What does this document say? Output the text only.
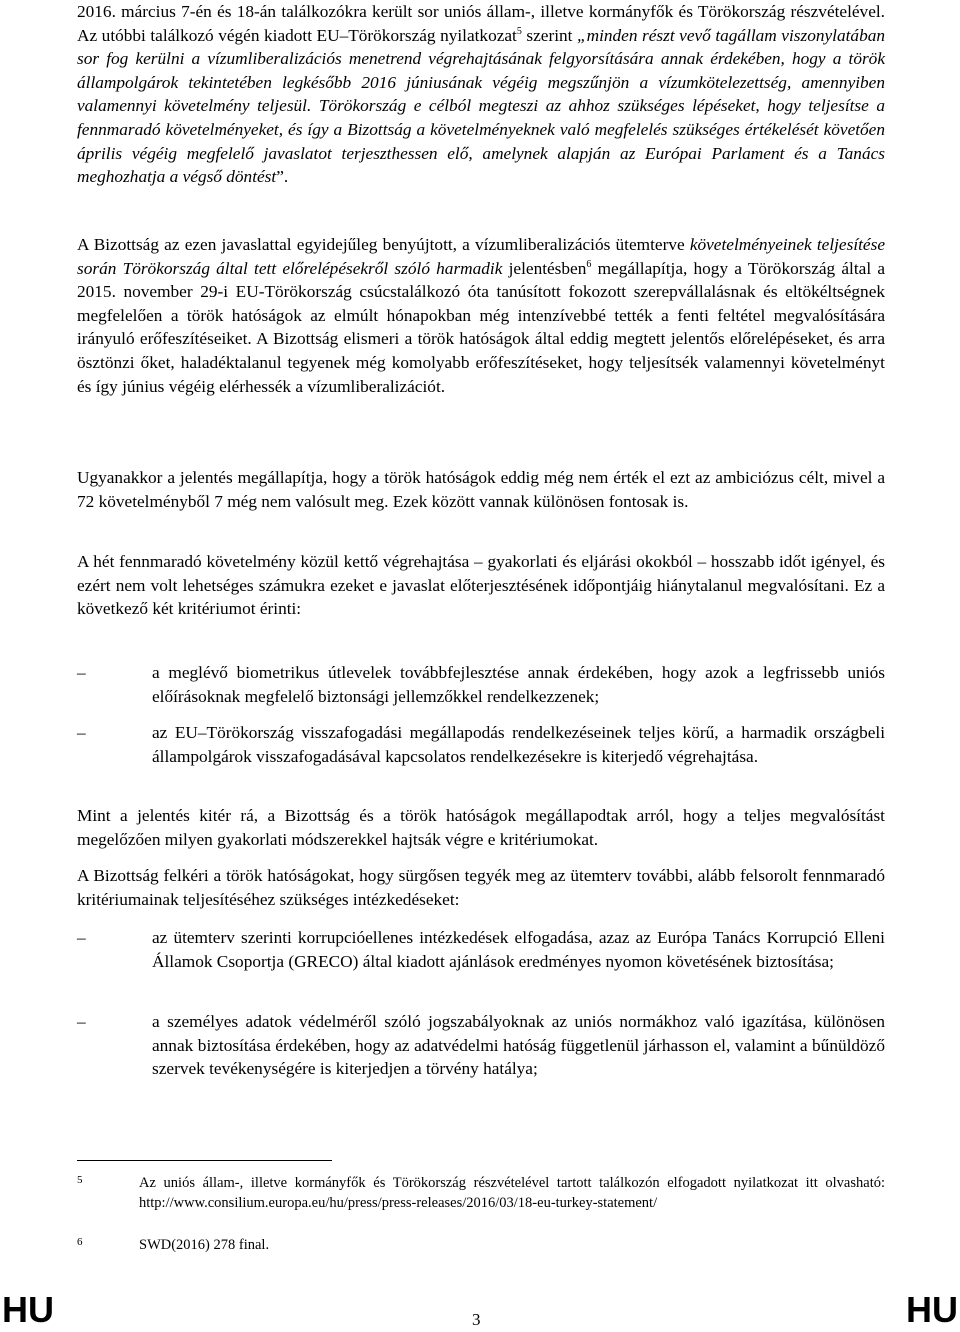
2016. március 7-én és 18-án találkozókra került sor uniós állam-, illetve kormányfők és Törökország részvételével. Az utóbbi találkozó végén kiadott EU–Törökország nyilatkozat$^5$ szerint „minden részt vevő tagállam viszonylatában sor fog kerülni a vízumliberalizációs menetrend végrehajtásának felgyorsítására annak érdekében, hogy a török állampolgárok tekintetében legkésőbb 2016 júniusának végéig megszűnjön a vízumkötelezettség, amennyiben valamennyi követelmény teljesül. Törökország e célból megteszi az ahhoz szükséges lépéseket, hogy teljesítse a fennmaradó követelményeket, és így a Bizottság a követelményeknek való megfelelés szükséges értékelését követően április végéig megfelelő javaslatot terjeszthessen elő, amelynek alapján az Európai Parlament és a Tanács meghozhatja a végső döntést”.

A Bizottság az ezen javaslattal egyidejűleg benyújtott, a vízumliberalizációs ütemterve követelményeinek teljesítése során Törökország által tett előrelépésekről szóló harmadik jelentésben$^6$ megállapítja, hogy a Törökország által a 2015. november 29-i EU-Törökország csúcstalálkozó óta tanúsított fokozott szerepvállalásnak és eltökéltségnek megfelelően a török hatóságok az elmúlt hónapokban még intenzívebbé tették a fenti feltétel megvalósítására irányuló erőfeszítéseiket. A Bizottság elismeri a török hatóságok által eddig megtett jelentős előrelépéseket, és arra ösztönzi őket, haladéktalanul tegyenek még komolyabb erőfeszítéseket, hogy teljesítsék valamennyi követelményt és így június végéig elérhessék a vízumliberalizációt.

Ugyanakkor a jelentés megállapítja, hogy a török hatóságok eddig még nem érték el ezt az ambiciózus célt, mivel a 72 követelményből 7 még nem valósult meg. Ezek között vannak különösen fontosak is.

A hét fennmaradó követelmény közül kettő végrehajtása – gyakorlati és eljárási okokból – hosszabb időt igényel, és ezért nem volt lehetséges számukra ezeket e javaslat előterjesztésének időpontjáig hiánytalanul megvalósítani. Ez a következő két kritériumot érinti:

–	a meglévő biometrikus útlevelek továbbfejlesztése annak érdekében, hogy azok a legfrissebb uniós előírásoknak megfelelő biztonsági jellemzőkkel rendelkezzenek;
–	az EU–Törökország visszafogadási megállapodás rendelkezéseinek teljes körű, a harmadik országbeli állampolgárok visszafogadásával kapcsolatos rendelkezésekre is kiterjedő végrehajtása.

Mint a jelentés kitér rá, a Bizottság és a török hatóságok megállapodtak arról, hogy a teljes megvalósítást megelőzően milyen gyakorlati módszerekkel hajtsák végre e kritériumokat.

A Bizottság felkéri a török hatóságokat, hogy sürgősen tegyék meg az ütemterv további, alább felsorolt fennmaradó kritériumainak teljesítéséhez szükséges intézkedéseket:

–	az ütemterv szerinti korrupcióellenes intézkedések elfogadása, azaz az Európa Tanács Korrupció Elleni Államok Csoportja (GRECO) által kiadott ajánlások eredményes nyomon követésének biztosítása;
–	a személyes adatok védelméről szóló jogszabályoknak az uniós normákhoz való igazítása, különösen annak biztosítása érdekében, hogy az adatvédelmi hatóság függetlenül járhasson el, valamint a bűnüldöző szervek tevékenységére is kiterjedjen a törvény hatálya;
5	Az uniós állam-, illetve kormányfők és Törökország részvételével tartott találkozón elfogadott nyilatkozat itt olvasható: http://www.consilium.europa.eu/hu/press/press-releases/2016/03/18-eu-turkey-statement/
6	SWD(2016) 278 final.
HU	3	HU
